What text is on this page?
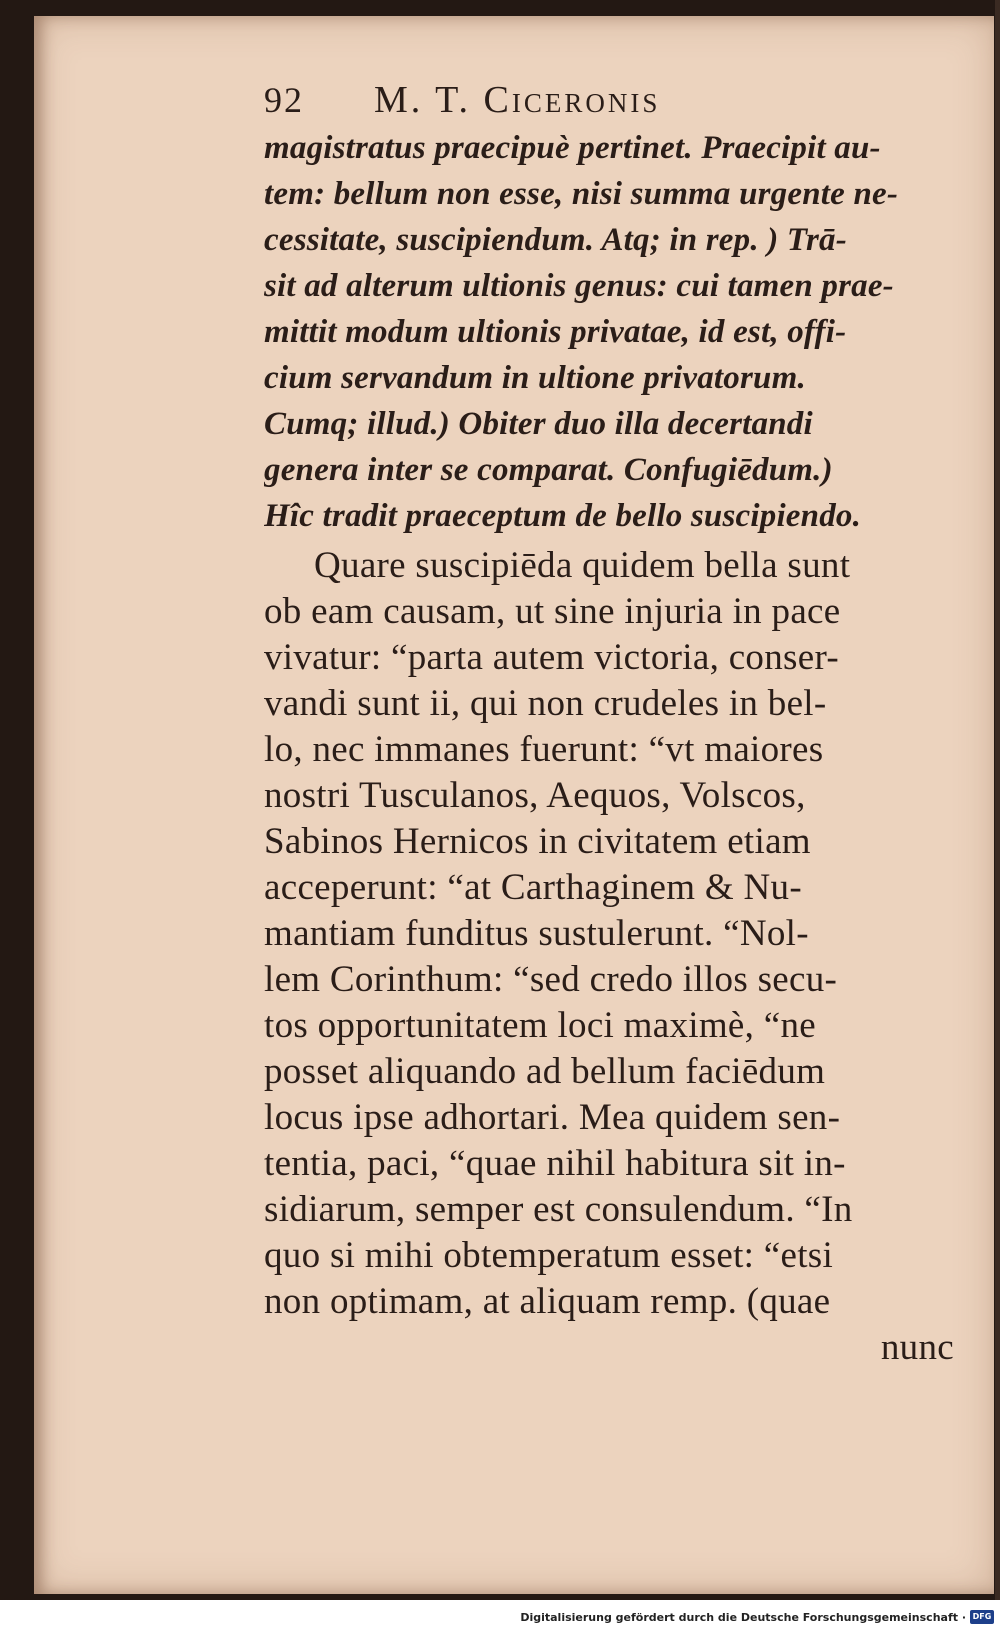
92	M. T. Ciceronis
magistratus praecipuè pertinet. Praecipit au-
tem: bellum non esse, nisi summa urgente ne-
cessitate, suscipiendum. Atq; in rep. ) Trā-
sit ad alterum ultionis genus: cui tamen prae-
mittit modum ultionis privatae, id est, offi-
cium servandum in ultione privatorum.
Cumq; illud.) Obiter duo illa decertandi
genera inter se comparat. Confugiēdum.)
Hîc tradit praeceptum de bello suscipiendo.
Quare suscipiēda quidem bella sunt
ob eam causam, ut sine injuria in pace
vivatur: “parta autem victoria, conser-
vandi sunt ii, qui non crudeles in bel-
lo, nec immanes fuerunt: “vt maiores
nostri Tusculanos, Aequos, Volscos,
Sabinos Hernicos in civitatem etiam
acceperunt: “at Carthaginem & Nu-
mantiam funditus sustulerunt. “Nol-
lem Corinthum: “sed credo illos secu-
tos opportunitatem loci maximè, “ne
posset aliquando ad bellum faciēdum
locus ipse adhortari. Mea quidem sen-
tentia, paci, “quae nihil habitura sit in-
sidiarum, semper est consulendum. “In
quo si mihi obtemperatum esset: “etsi
non optimam, at aliquam remp. (quae
nunc
Digitalisierung gefördert durch die Deutsche Forschungsgemeinschaft · DFG
